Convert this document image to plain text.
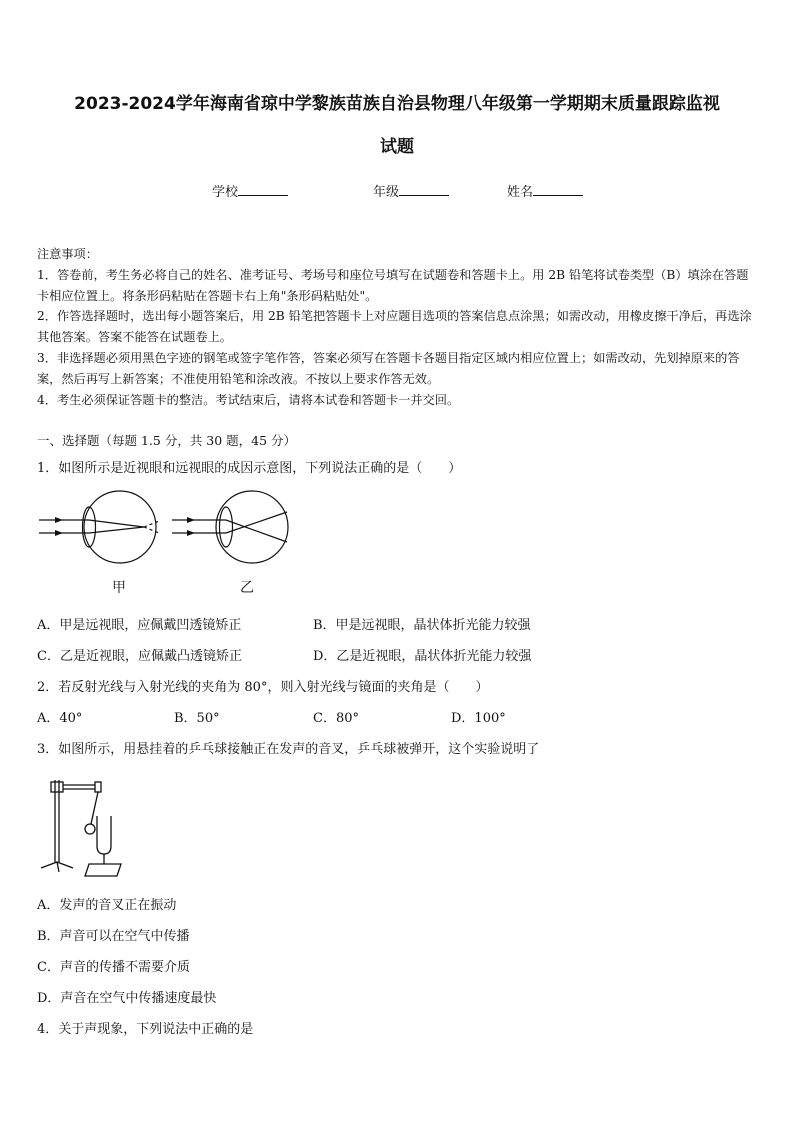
2023-2024学年海南省琼中学黎族苗族自治县物理八年级第一学期期末质量跟踪监视
试题
学校	年级	姓名

注意事项：

1．答卷前，考生务必将自己的姓名、准考证号、考场号和座位号填写在试题卷和答题卡上。用 2B 铅笔将试卷类型（B）填涂在答题卡相应位置上。将条形码粘贴在答题卡右上角"条形码粘贴处"。

2．作答选择题时，选出每小题答案后，用 2B 铅笔把答题卡上对应题目选项的答案信息点涂黑；如需改动，用橡皮擦干净后，再选涂其他答案。答案不能答在试题卷上。

3．非选择题必须用黑色字迹的钢笔或签字笔作答，答案必须写在答题卡各题目指定区域内相应位置上；如需改动，先划掉原来的答案，然后再写上新答案；不准使用铅笔和涂改液。不按以上要求作答无效。

4．考生必须保证答题卡的整洁。考试结束后，请将本试卷和答题卡一并交回。

一、选择题（每题 1.5 分，共 30 题，45 分）
1．如图所示是近视眼和远视眼的成因示意图，下列说法正确的是（　　）
甲	乙
A．甲是远视眼，应佩戴凹透镜矫正	B．甲是远视眼，晶状体折光能力较强
C．乙是近视眼，应佩戴凸透镜矫正	D．乙是近视眼，晶状体折光能力较强
2．若反射光线与入射光线的夹角为 80°，则入射光线与镜面的夹角是（　　）
A．40°	B．50°	C．80°	D．100°
3．如图所示，用悬挂着的乒乓球接触正在发声的音叉，乒乓球被弹开，这个实验说明了
A．发声的音叉正在振动
B．声音可以在空气中传播
C．声音的传播不需要介质
D．声音在空气中传播速度最快
4．关于声现象，下列说法中正确的是
